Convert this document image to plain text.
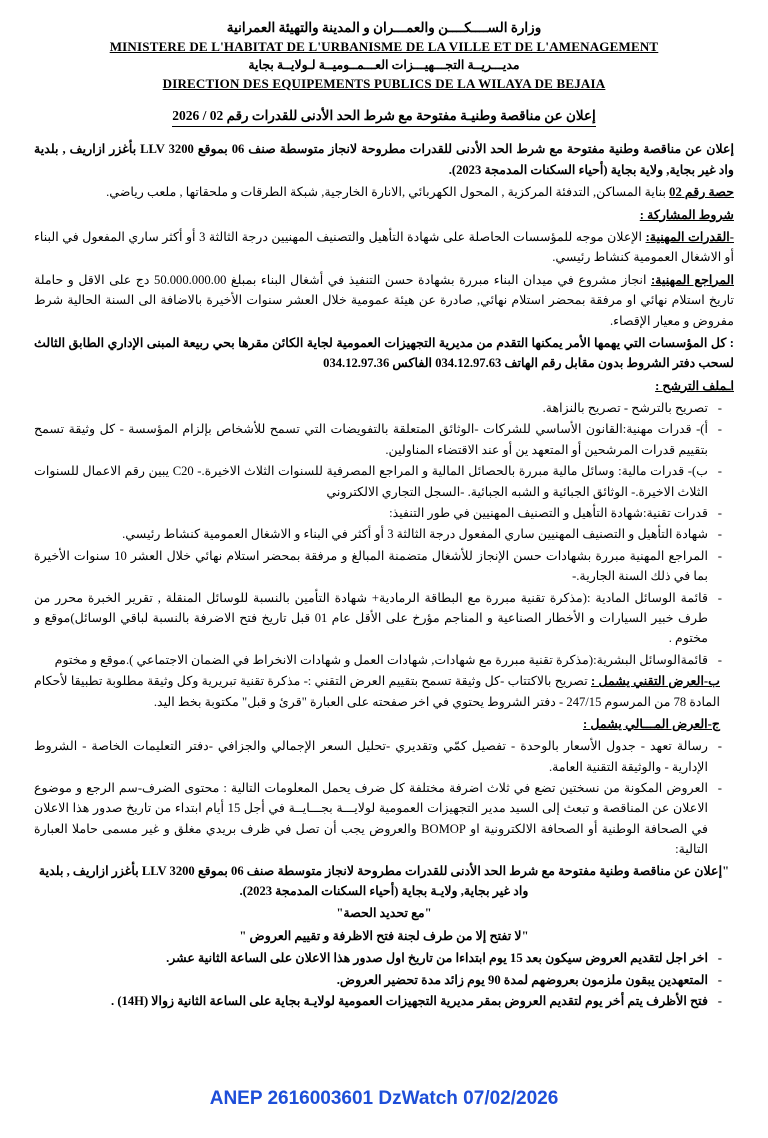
وزارة الســــكــــن والعمـــران و المدينة والتهيئة العمرانية
MINISTERE DE L'HABITAT DE L'URBANISME DE LA VILLE ET DE L'AMENAGEMENT
مديـــريــة التجـــهيـــزات العـــمــوميــة لـولايــة بجاية
DIRECTION DES EQUIPEMENTS PUBLICS DE LA WILAYA DE BEJAIA
إعلان عن مناقصة وطنيـة مفتوحة مع شرط الحد الأدنى للقدرات رقم 02 / 2026

إعلان عن مناقصة وطنية مفتوحة مع شرط الحد الأدنى للقدرات مطروحة لانجاز متوسطة صنف 06 بموقع LLV 3200 بأغزر ازاريف , بلدية واد غير بجاية, ولاية بجاية (أحياء السكنات المدمجة 2023).

حصة رقم 02 بناية المساكن, التدفئة المركزية , المحول الكهربائي ,الانارة الخارجية, شبكة الطرقات و ملحقاتها , ملعب رياضي.

شروط المشاركة :

-القدرات المهنية: الإعلان موجه للمؤسسات الحاصلة على شهادة التأهيل والتصنيف المهنيين درجة الثالثة 3 أو أكثر ساري المفعول في البناء أو الاشغال العمومية كنشاط رئيسي.

المراجع المهنية: انجاز مشروع في ميدان البناء مبررة بشهادة حسن التنفيذ في أشغال البناء بمبلغ 50.000.000.00 دج على الاقل و حاملة تاريخ استلام نهائي او مرفقة بمحضر استلام نهائي, صادرة عن هيئة عمومية خلال العشر سنوات الأخيرة بالاضافة الى السنة الحالية شرط مفروض و معيار الإقصاء.

: كل المؤسسات التي يهمها الأمر يمكنها التقدم من مديرية التجهيزات العمومية لجاية الكائن مقرها بحي ربيعة المبنى الإداري الطابق الثالث لسحب دفتر الشروط بدون مقابل رقم الهاتف 034.12.97.63 الفاكس 034.12.97.36

اـملف الترشح :

- تصريح بالترشح - تصريح بالنزاهة.
- أ)- قدرات مهنية:القانون الأساسي للشركات -الوثائق المتعلقة بالتفويضات التي تسمح للأشخاص بإلزام المؤسسة - كل وثيقة تسمح بتقييم قدرات المرشحين أو المتعهد ين أو عند الاقتضاء المناولين.
- ب)- قدرات مالية: وسائل مالية مبررة بالحصائل المالية و المراجع المصرفية للسنوات الثلاث الاخيرة.- C20 يبين رقم الاعمال للسنوات الثلاث الاخيرة.- الوثائق الجبائية و الشبه الجبائية. -السجل التجاري الالكتروني
- قدرات تقنية:شهادة التأهيل و التصنيف المهنيين في طور التنفيذ:
- شهادة التأهيل و التصنيف المهنيين ساري المفعول درجة الثالثة 3 أو أكثر في البناء و الاشغال العمومية كنشاط رئيسي.
- المراجع المهنية مبررة بشهادات حسن الإنجاز للأشغال متضمنة المبالغ و مرفقة بمحضر استلام نهائي خلال العشر 10 سنوات الأخيرة بما في ذلك السنة الجارية.-
- قائمة الوسائل المادية :(مذكرة تقنية مبررة مع البطاقة الرمادية+ شهادة التأمين بالنسبة للوسائل المنقلة , تقرير الخبرة محرر من طرف خبير السيارات و الأخطار الصناعية و المناجم مؤرخ على الأقل عام 01 قبل تاريخ فتح الاضرفة بالنسبة لباقي الوسائل)موقع و مختوم .
- قائمةالوسائل البشرية:(مذكرة تقنية مبررة مع شهادات, شهادات العمل و شهادات الانخراط في الضمان الاجتماعي ).موقع و مختوم

ب-العرض التقني يشمل : تصريح بالاكتتاب -كل وثيقة تسمح بتقييم العرض التقني :- مذكرة تقنية تبريرية وكل وثيقة مطلوبة تطبيقا لأحكام المادة 78 من المرسوم 247/15 - دفتر الشروط يحتوي في اخر صفحته على العبارة "قرئ و قبل" مكتوبة بخط اليد.

ج-العرض المـــالي يشمل :

- رسالة تعهد - جدول الأسعار بالوحدة - تفصيل كمّي وتقديري -تحليل السعر الإجمالي والجزافي -دفتر التعليمات الخاصة - الشروط الإدارية - والوثيقة التقنية العامة.
- العروض المكونة من نسختين تضع في ثلاث اضرفة مختلفة كل ضرف يحمل المعلومات التالية : محتوى الضرف-سم الرجع و موضوع الاعلان عن المناقصة و تبعث إلى السيد مدير التجهيزات العمومية لولايـــة بجـــايــة في أجل 15 أيام ابتداء من تاريخ صدور هذا الاعلان في الصحافة الوطنية أو الصحافة الالكترونية او BOMOP والعروض يجب أن تصل في ظرف بريدي مغلق و غير مسمى حاملا العبارة التالية:

"إعلان عن مناقصة وطنية مفتوحة مع شرط الحد الأدنى للقدرات مطروحة لانجاز متوسطة صنف 06 بموقع LLV 3200 بأغزر ازاريف , بلدية واد غير بجاية, ولايـة بجاية (أحياء السكنات المدمجة 2023).

"مع تحديد الحصة"

"لا تفتح إلا من طرف لجنة فتح الاظرفة و تقييم العروض "

- اخر اجل لتقديم العروض سيكون بعد 15 يوم ابتداءا من تاريخ اول صدور هذا الاعلان على الساعة الثانية عشر.
- المتعهدين يبقون ملزمون بعروضهم لمدة 90 يوم زائد مدة تحضير العروض.
- فتح الأظرف يتم أخر يوم لتقديم العروض بمقر مديرية التجهيزات العمومية لولايـة بجاية على الساعة الثانية زوالا (14H) .
ANEP 2616003601 DzWatch 07/02/2026
